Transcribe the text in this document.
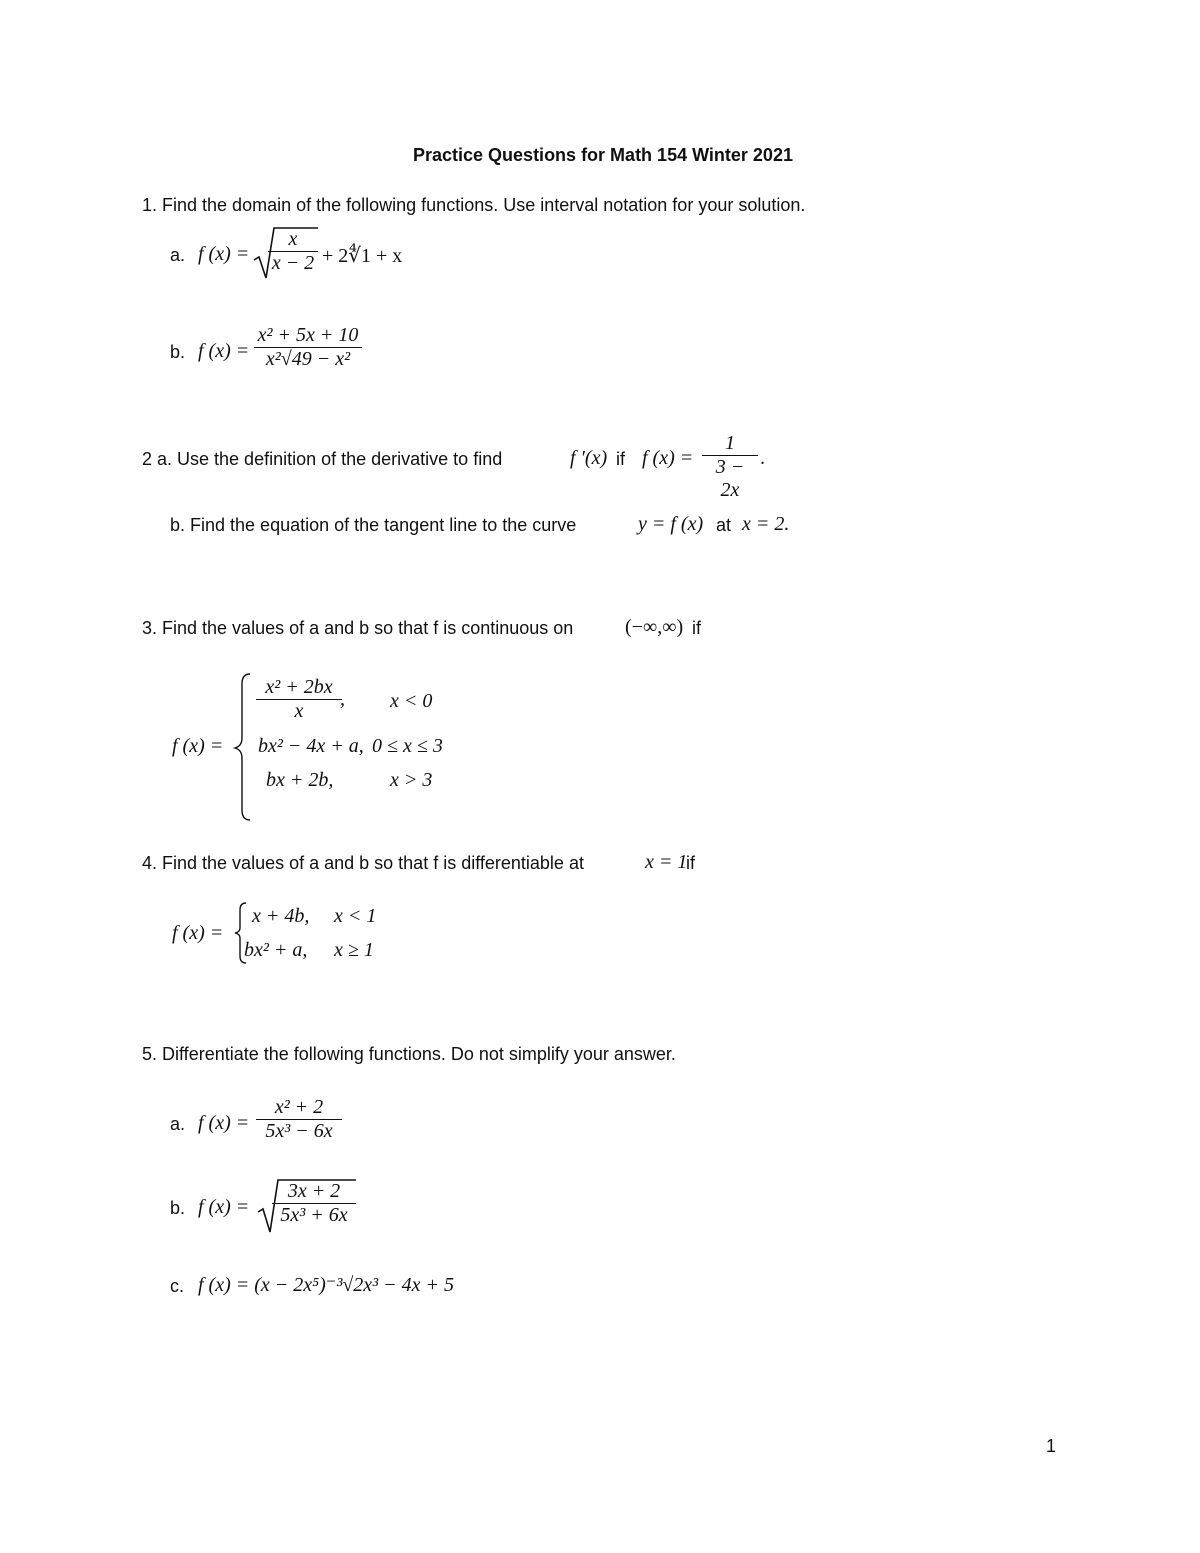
Practice Questions for Math 154 Winter 2021
1. Find the domain of the following functions. Use interval notation for your solution.
a. f $(x) = \frac{x}{x - 2}$ + 2∜1 + x
b. f $(x) = \frac{\text{x² + 5x + 10}}{\text{x²√49 − x²}}$
2 a. Use the definition of the derivative to find	f ′(x) if f $(x) = \frac{1}{3 - 2x}$ .
b. Find the equation of the tangent line to the curve	y = f (x) at x = 2.
3. Find the values of a and b so that f is continuous on	(−∞,∞) if
f (x) =
$\frac{\text{x² + 2bx}}{x}$
, x < 0
bx² − 4x + a, 0 ≤ x ≤ 3
bx + 2b,	x > 3
4. Find the values of a and b so that f is differentiable at	x = 1
if
f (x) =
x + 4b, x < 1
bx² + a, x ≥ 1
5. Differentiate the following functions. Do not simplify your answer.
a. f $(x) = \frac{\text{x² + 2}}{\text{5x³ − 6x}}$
b. f $(x) = \frac{3x + 2}{\text{5x³ + 6x}}$
c. f (x) = (x − 2x⁵)⁻³√2x³ − 4x + 5
1
